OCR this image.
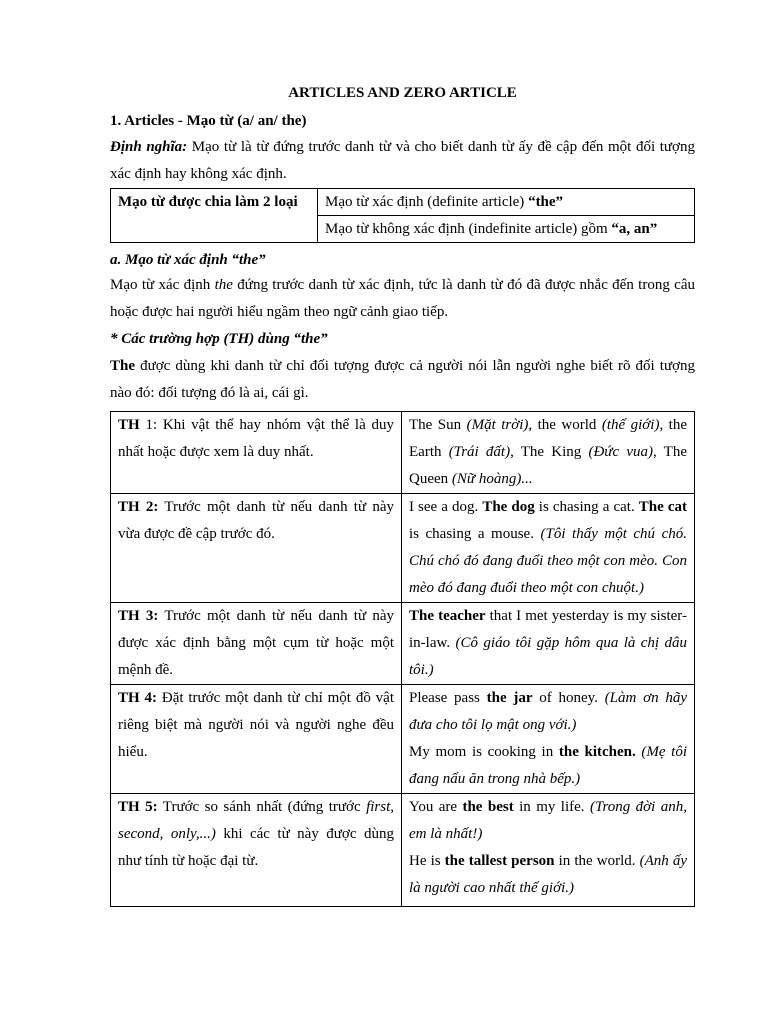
ARTICLES AND ZERO ARTICLE
1. Articles - Mạo từ (a/ an/ the)

Định nghĩa: Mạo từ là từ đứng trước danh từ và cho biết danh từ ấy đề cập đến một đối tượng xác định hay không xác định.

Mạo từ được chia làm 2 loại	Mạo từ xác định (definite article) “the”
Mạo từ không xác định (indefinite article) gồm “a, an”
a. Mạo từ xác định “the”

Mạo từ xác định the đứng trước danh từ xác định, tức là danh từ đó đã được nhắc đến trong câu hoặc được hai người hiểu ngầm theo ngữ cảnh giao tiếp.

* Các trường hợp (TH) dùng “the”

The được dùng khi danh từ chỉ đối tượng được cả người nói lẫn người nghe biết rõ đối tượng nào đó: đối tượng đó là ai, cái gì.

TH 1: Khi vật thể hay nhóm vật thể là duy nhất hoặc được xem là duy nhất.	The Sun (Mặt trời), the world (thế giới), the Earth (Trái đất), The King (Đức vua), The Queen (Nữ hoàng)...
TH 2: Trước một danh từ nếu danh từ này vừa được đề cập trước đó.	I see a dog. The dog is chasing a cat. The cat is chasing a mouse. (Tôi thấy một chú chó. Chú chó đó đang đuổi theo một con mèo. Con mèo đó đang đuổi theo một con chuột.)
TH 3: Trước một danh từ nếu danh từ này được xác định bằng một cụm từ hoặc một mệnh đề.	The teacher that I met yesterday is my sister-in-law. (Cô giáo tôi gặp hôm qua là chị dâu tôi.)
TH 4: Đặt trước một danh từ chỉ một đồ vật riêng biệt mà người nói và người nghe đều hiểu.	Please pass the jar of honey. (Làm ơn hãy đưa cho tôi lọ mật ong với.)
My mom is cooking in the kitchen. (Mẹ tôi đang nấu ăn trong nhà bếp.)

TH 5: Trước so sánh nhất (đứng trước first, second, only,...) khi các từ này được dùng như tính từ hoặc đại từ.	You are the best in my life. (Trong đời anh, em là nhất!)
He is the tallest person in the world. (Anh ấy là người cao nhất thế giới.)
